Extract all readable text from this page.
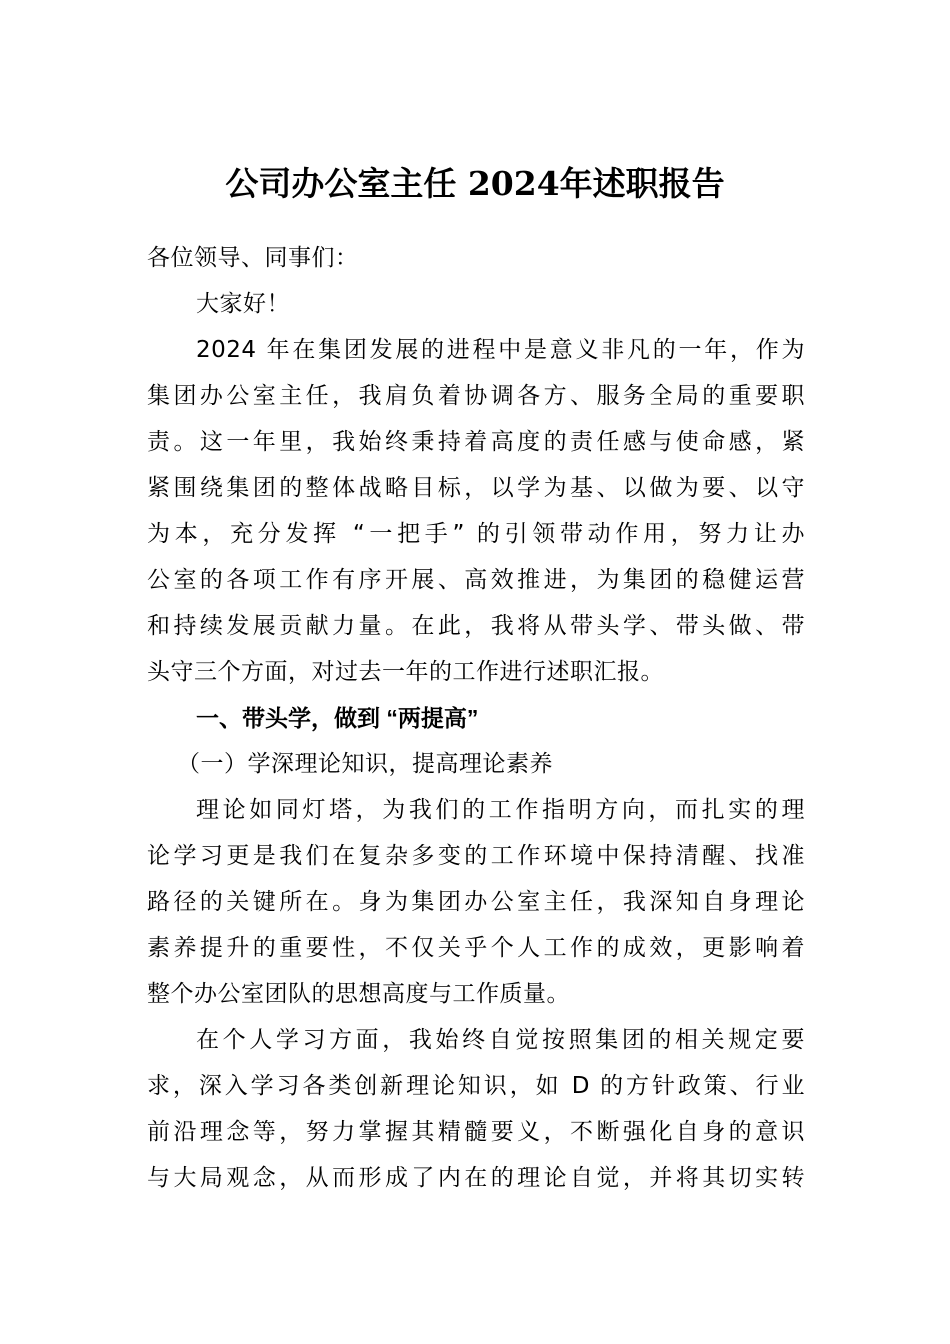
公司办公室主任 2024年述职报告
各位领导、同事们：
大家好！
2024 年在集团发展的进程中是意义非凡的一年，作为
集团办公室主任，我肩负着协调各方、服务全局的重要职
责。这一年里，我始终秉持着高度的责任感与使命感，紧
紧围绕集团的整体战略目标，以学为基、以做为要、以守
为本，充分发挥 “一把手” 的引领带动作用，努力让办
公室的各项工作有序开展、高效推进，为集团的稳健运营
和持续发展贡献力量。在此，我将从带头学、带头做、带
头守三个方面，对过去一年的工作进行述职汇报。
一、带头学，做到 “两提高”
（一）学深理论知识，提高理论素养
理论如同灯塔，为我们的工作指明方向，而扎实的理
论学习更是我们在复杂多变的工作环境中保持清醒、找准
路径的关键所在。身为集团办公室主任，我深知自身理论
素养提升的重要性，不仅关乎个人工作的成效，更影响着
整个办公室团队的思想高度与工作质量。
在个人学习方面，我始终自觉按照集团的相关规定要
求，深入学习各类创新理论知识，如 D 的方针政策、行业
前沿理念等，努力掌握其精髓要义，不断强化自身的意识
与大局观念，从而形成了内在的理论自觉，并将其切实转
